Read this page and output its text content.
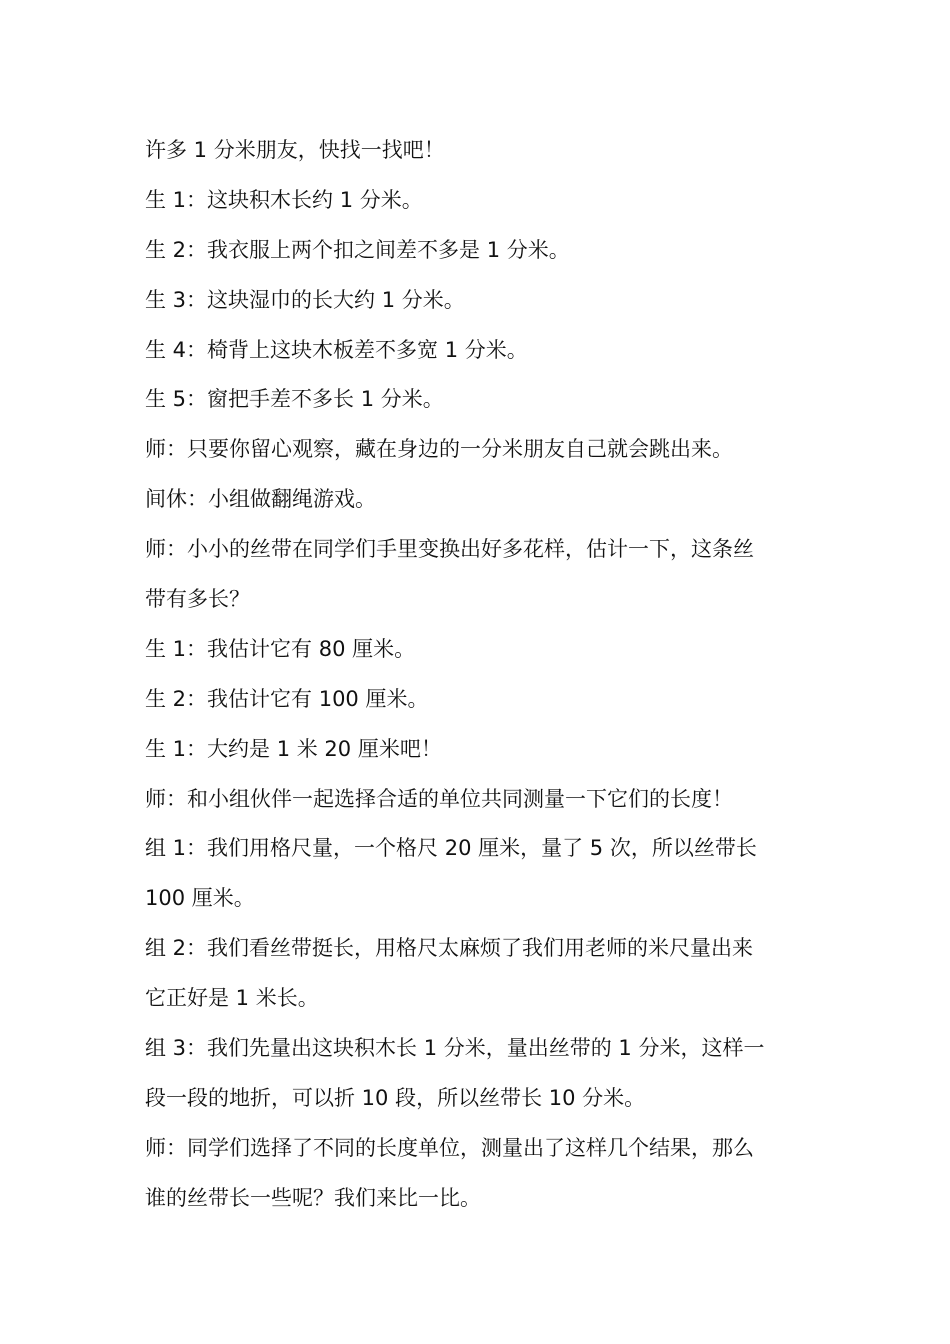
许多 1 分米朋友，快找一找吧！
生 1：这块积木长约 1 分米。
生 2：我衣服上两个扣之间差不多是 1 分米。
生 3：这块湿巾的长大约 1 分米。
生 4：椅背上这块木板差不多宽 1 分米。
生 5：窗把手差不多长 1 分米。
师：只要你留心观察，藏在身边的一分米朋友自己就会跳出来。
间休：小组做翻绳游戏。
师：小小的丝带在同学们手里变换出好多花样，估计一下，这条丝
带有多长？
生 1：我估计它有 80 厘米。
生 2：我估计它有 100 厘米。
生 1：大约是 1 米 20 厘米吧！
师：和小组伙伴一起选择合适的单位共同测量一下它们的长度！
组 1：我们用格尺量，一个格尺 20 厘米，量了 5 次，所以丝带长
100 厘米。
组 2：我们看丝带挺长，用格尺太麻烦了我们用老师的米尺量出来
它正好是 1 米长。
组 3：我们先量出这块积木长 1 分米，量出丝带的 1 分米，这样一
段一段的地折，可以折 10 段，所以丝带长 10 分米。
师：同学们选择了不同的长度单位，测量出了这样几个结果，那么
谁的丝带长一些呢？我们来比一比。
